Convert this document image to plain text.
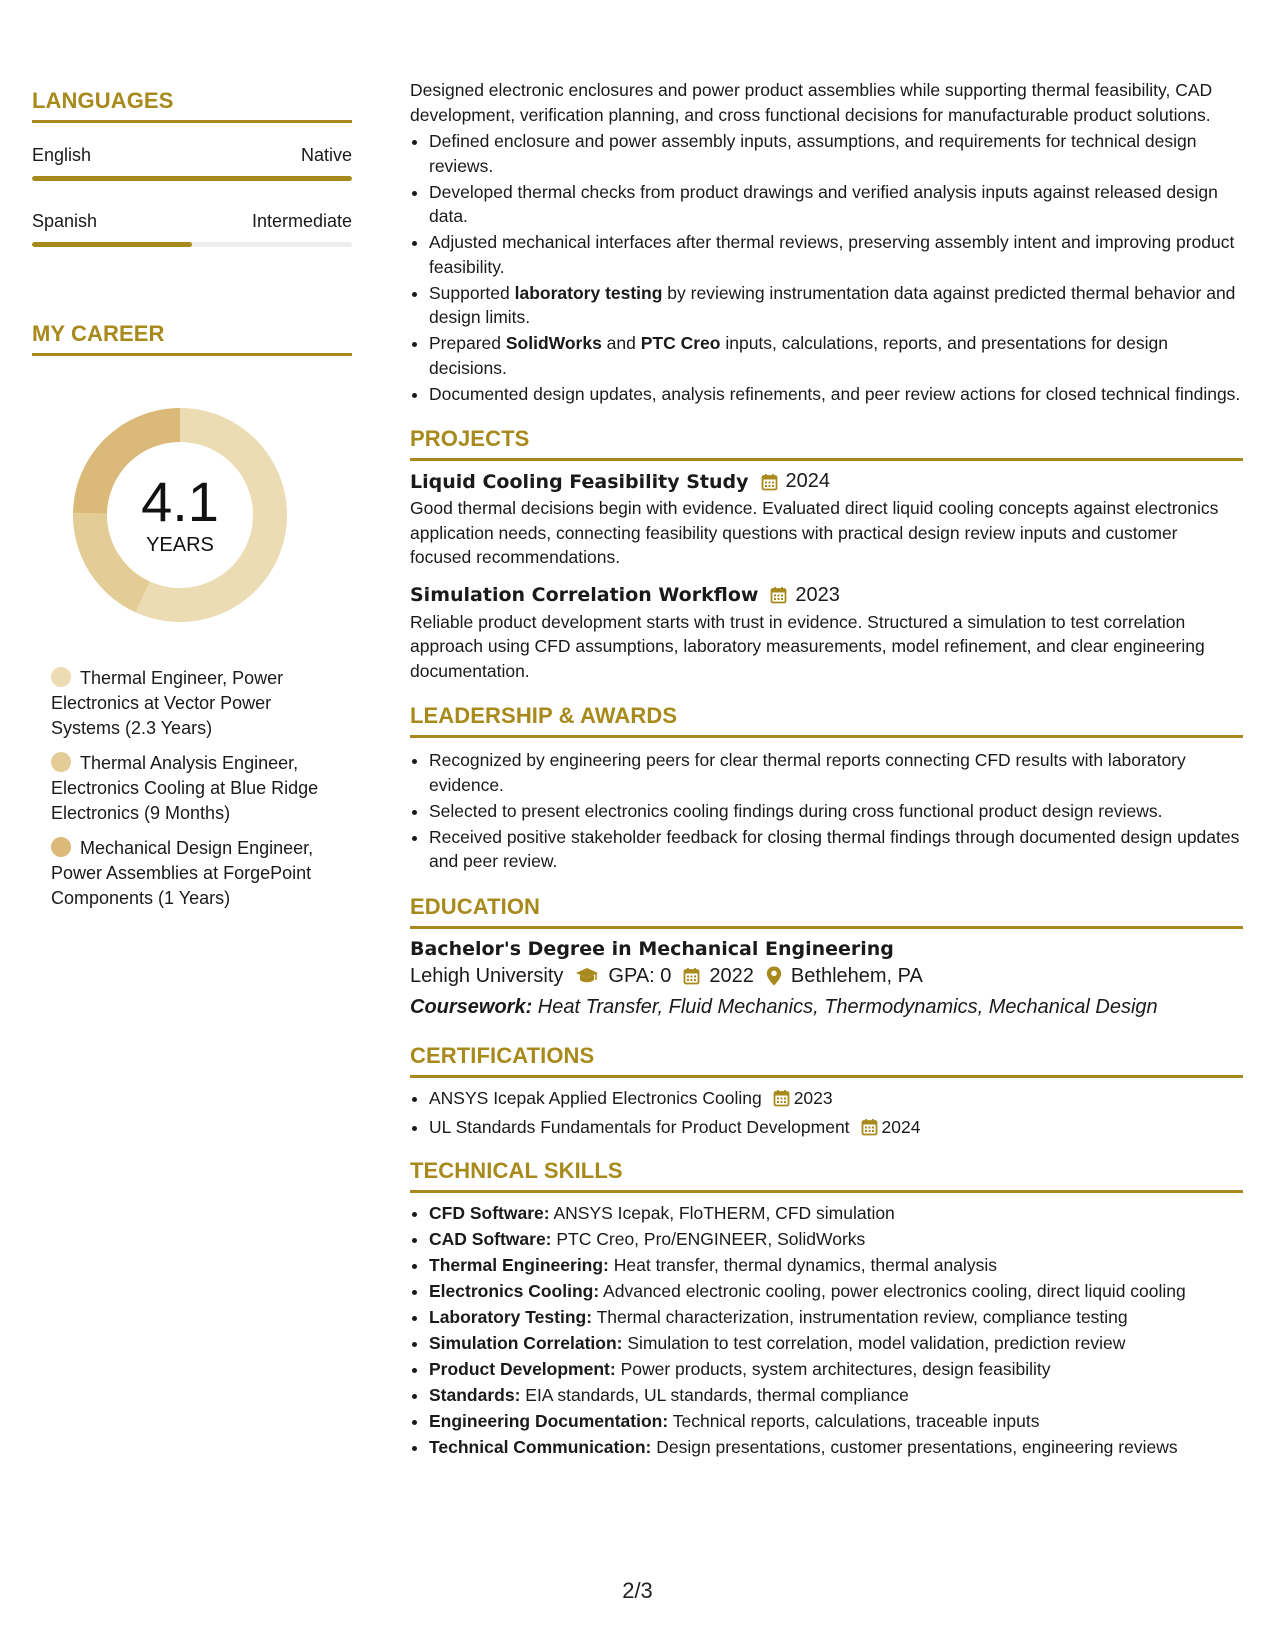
LANGUAGES
English	Native
Spanish	Intermediate
MY CAREER
4.1
YEARS
Thermal Engineer, Power Electronics at Vector Power Systems (2.3 Years)
Thermal Analysis Engineer, Electronics Cooling at Blue Ridge Electronics (9 Months)
Mechanical Design Engineer, Power Assemblies at ForgePoint Components (1 Years)

Designed electronic enclosures and power product assemblies while supporting thermal feasibility, CAD development, verification planning, and cross functional decisions for manufacturable product solutions.

• Defined enclosure and power assembly inputs, assumptions, and requirements for technical design reviews.
• Developed thermal checks from product drawings and verified analysis inputs against released design data.
• Adjusted mechanical interfaces after thermal reviews, preserving assembly intent and improving product feasibility.
• Supported laboratory testing by reviewing instrumentation data against predicted thermal behavior and design limits.
• Prepared SolidWorks and PTC Creo inputs, calculations, reports, and presentations for design decisions.
• Documented design updates, analysis refinements, and peer review actions for closed technical findings.
PROJECTS
Liquid Cooling Feasibility Study 2024

Good thermal decisions begin with evidence. Evaluated direct liquid cooling concepts against electronics application needs, connecting feasibility questions with practical design review inputs and customer focused recommendations.

Simulation Correlation Workflow 2023

Reliable product development starts with trust in evidence. Structured a simulation to test correlation approach using CFD assumptions, laboratory measurements, model refinement, and clear engineering documentation.

LEADERSHIP & AWARDS
• Recognized by engineering peers for clear thermal reports connecting CFD results with laboratory evidence.
• Selected to present electronics cooling findings during cross functional product design reviews.
• Received positive stakeholder feedback for closing thermal findings through documented design updates and peer review.
EDUCATION
Bachelor's Degree in Mechanical Engineering
Lehigh University GPA: 0 2022 Bethlehem, PA
Coursework: Heat Transfer, Fluid Mechanics, Thermodynamics, Mechanical Design
CERTIFICATIONS
• ANSYS Icepak Applied Electronics Cooling 2023
• UL Standards Fundamentals for Product Development 2024
TECHNICAL SKILLS
• CFD Software: ANSYS Icepak, FloTHERM, CFD simulation
• CAD Software: PTC Creo, Pro/ENGINEER, SolidWorks
• Thermal Engineering: Heat transfer, thermal dynamics, thermal analysis
• Electronics Cooling: Advanced electronic cooling, power electronics cooling, direct liquid cooling
• Laboratory Testing: Thermal characterization, instrumentation review, compliance testing
• Simulation Correlation: Simulation to test correlation, model validation, prediction review
• Product Development: Power products, system architectures, design feasibility
• Standards: EIA standards, UL standards, thermal compliance
• Engineering Documentation: Technical reports, calculations, traceable inputs
• Technical Communication: Design presentations, customer presentations, engineering reviews
2/3
